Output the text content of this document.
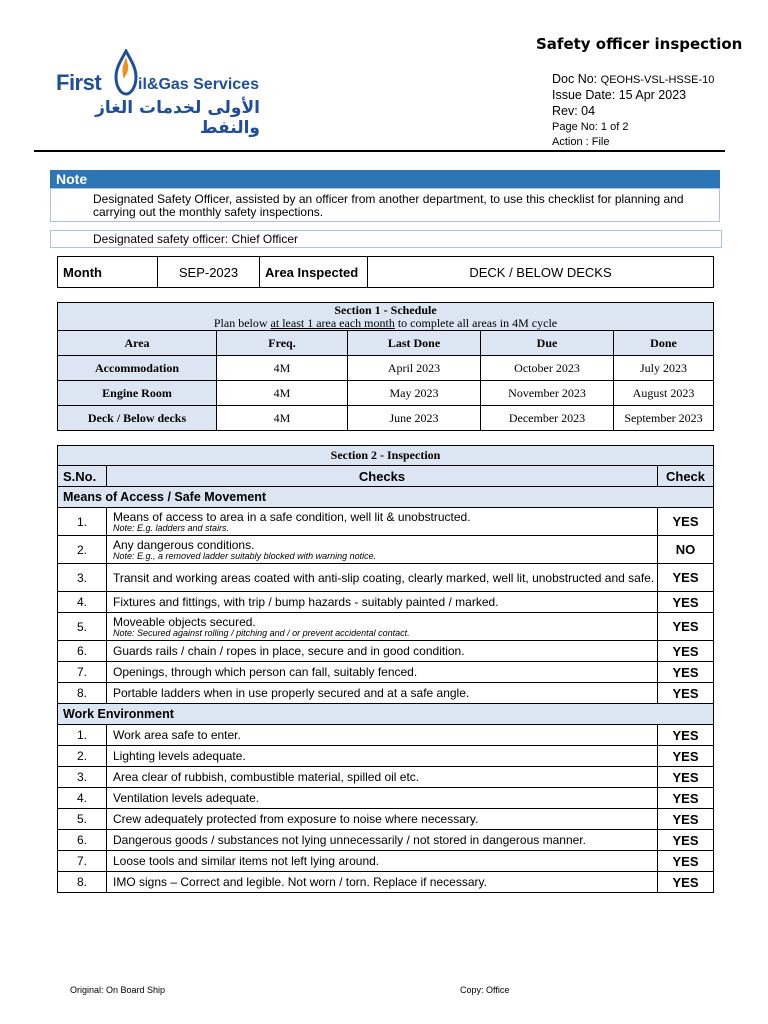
First il&Gas Services
الأولى لخدمات الغاز والنفط
Safety officer inspection
Doc No: QEOHS-VSL-HSSE-10
Issue Date: 15 Apr 2023
Rev: 04
Page No: 1 of 2
Action : File
Note
Designated Safety Officer, assisted by an officer from another department, to use this checklist for planning and carrying out the monthly safety inspections.
Designated safety officer: Chief Officer
Month	SEP-2023	Area Inspected	DECK / BELOW DECKS
Section 1 - Schedule
Plan below at least 1 area each month to complete all areas in 4M cycle				
Area	Freq.	Last Done	Due	Done
Accommodation	4M	April 2023	October 2023	July 2023
Engine Room	4M	May 2023	November 2023	August 2023
Deck / Below decks	4M	June 2023	December 2023	September 2023
Section 2 - Inspection		
S.No.	Checks	Check
Means of Access / Safe Movement		
1.	Means of access to area in a safe condition, well lit & unobstructed.
Note: E.g. ladders and stairs.	YES
2.	Any dangerous conditions.
Note: E.g., a removed ladder suitably blocked with warning notice.	NO
3.	Transit and working areas coated with anti-slip coating, clearly marked, well lit, unobstructed and safe.	YES
4.	Fixtures and fittings, with trip / bump hazards - suitably painted / marked.	YES
5.	Moveable objects secured.
Note: Secured against rolling / pitching and / or prevent accidental contact.	YES
6.	Guards rails / chain / ropes in place, secure and in good condition.	YES
7.	Openings, through which person can fall, suitably fenced.	YES
8.	Portable ladders when in use properly secured and at a safe angle.	YES
Work Environment		
1.	Work area safe to enter.	YES
2.	Lighting levels adequate.	YES
3.	Area clear of rubbish, combustible material, spilled oil etc.	YES
4.	Ventilation levels adequate.	YES
5.	Crew adequately protected from exposure to noise where necessary.	YES
6.	Dangerous goods / substances not lying unnecessarily / not stored in dangerous manner.	YES
7.	Loose tools and similar items not left lying around.	YES
8.	IMO signs – Correct and legible. Not worn / torn. Replace if necessary.	YES
Original: On Board Ship	Copy: Office
